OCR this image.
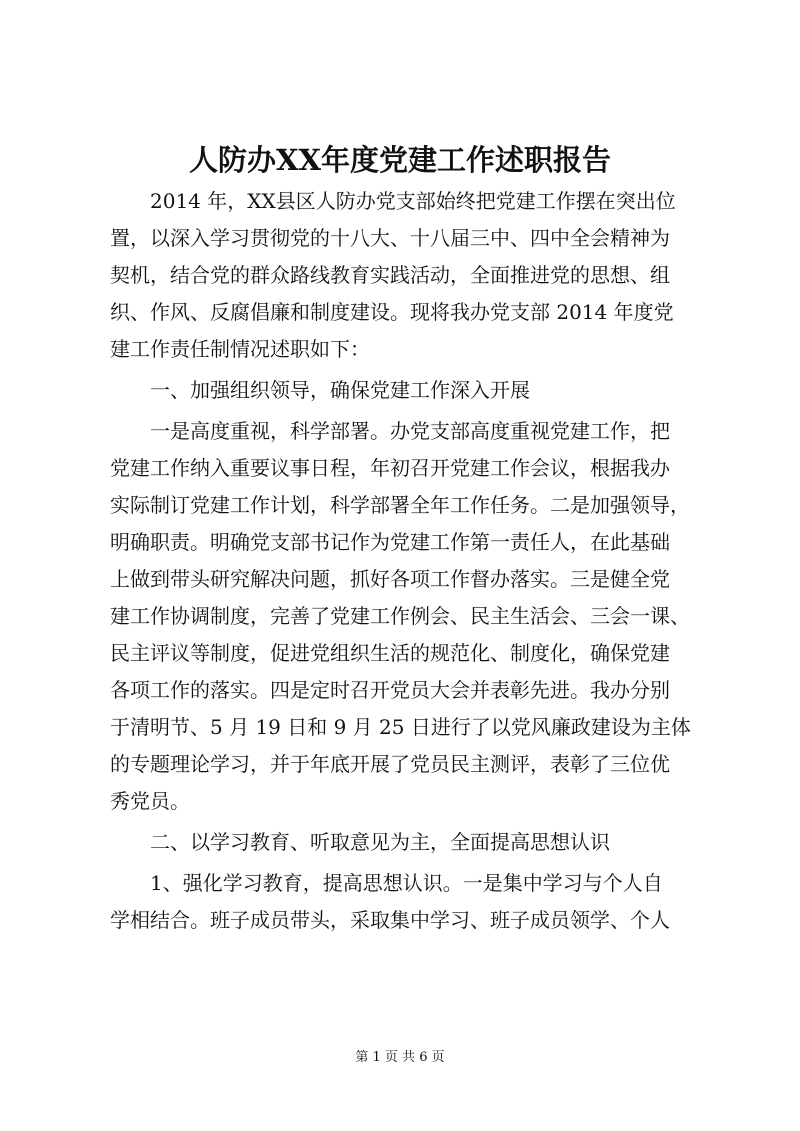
人防办XX年度党建工作述职报告
2014 年，XX县区人防办党支部始终把党建工作摆在突出位
置，以深入学习贯彻党的十八大、十八届三中、四中全会精神为
契机，结合党的群众路线教育实践活动，全面推进党的思想、组
织、作风、反腐倡廉和制度建设。现将我办党支部 2014 年度党
建工作责任制情况述职如下：
一、加强组织领导，确保党建工作深入开展
一是高度重视，科学部署。办党支部高度重视党建工作，把
党建工作纳入重要议事日程，年初召开党建工作会议，根据我办
实际制订党建工作计划，科学部署全年工作任务。二是加强领导，
明确职责。明确党支部书记作为党建工作第一责任人，在此基础
上做到带头研究解决问题，抓好各项工作督办落实。三是健全党
建工作协调制度，完善了党建工作例会、民主生活会、三会一课、
民主评议等制度，促进党组织生活的规范化、制度化，确保党建
各项工作的落实。四是定时召开党员大会并表彰先进。我办分别
于清明节、5 月 19 日和 9 月 25 日进行了以党风廉政建设为主体
的专题理论学习，并于年底开展了党员民主测评，表彰了三位优
秀党员。
二、以学习教育、听取意见为主，全面提高思想认识
1、强化学习教育，提高思想认识。一是集中学习与个人自
学相结合。班子成员带头，采取集中学习、班子成员领学、个人
第 1 页 共 6 页
